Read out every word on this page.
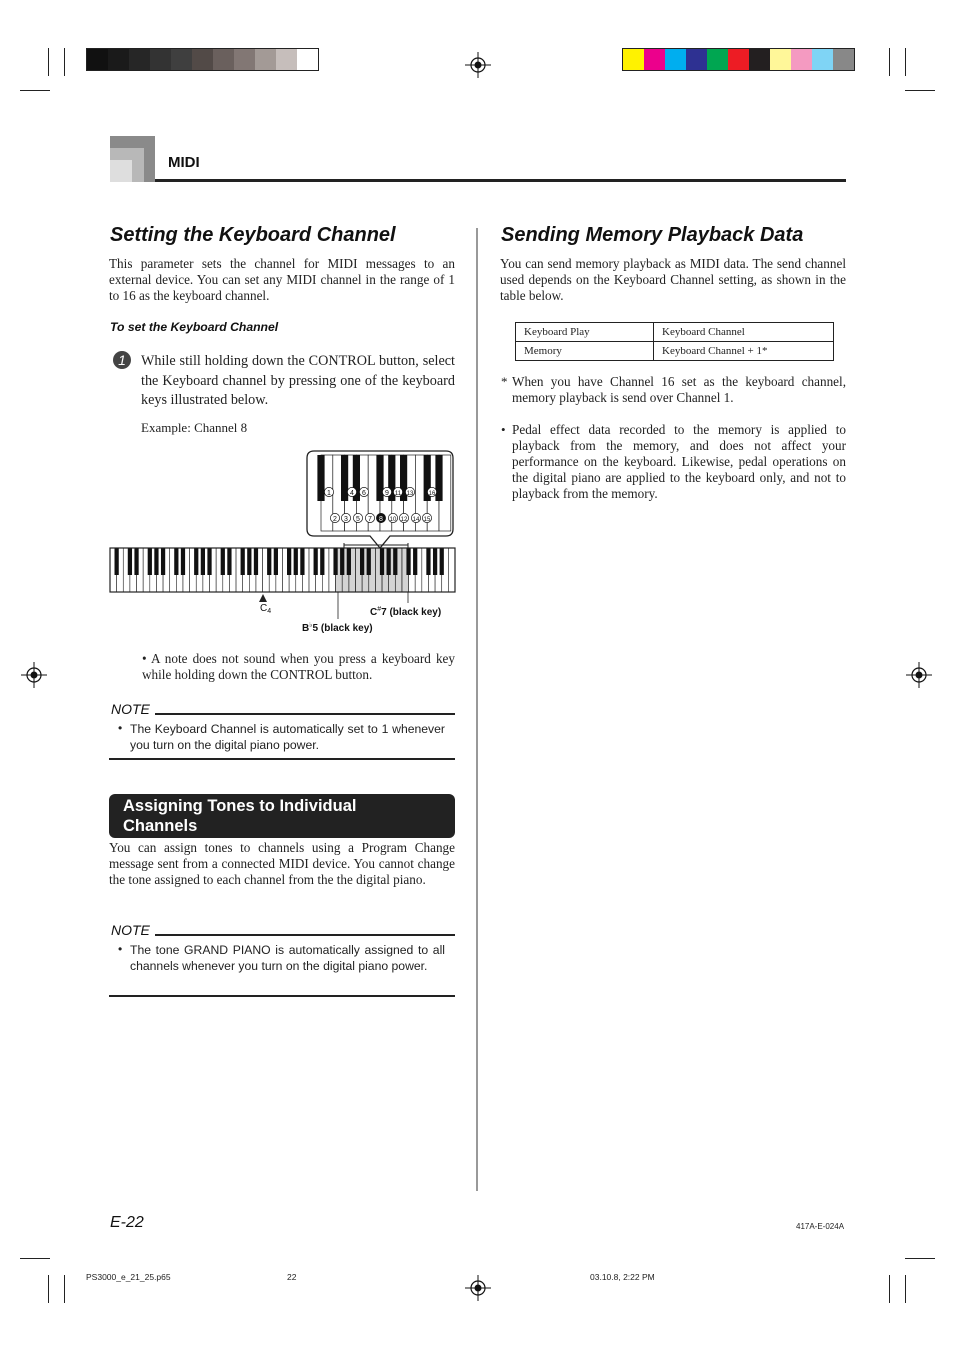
MIDI
Setting the Keyboard Channel
This parameter sets the channel for MIDI messages to an external device. You can set any MIDI channel in the range of 1 to 16 as the keyboard channel.
To set the Keyboard Channel
1	While still holding down the CONTROL button, select the Keyboard channel by pressing one of the keyboard keys illustrated below.
Example: Channel 8
1	4 6	9 11 13	16
2 3 5 7 8 10 12 14 15
$C_4$	C#7 (black key)
B♭5 (black key)
• A note does not sound when you press a keyboard key while holding down the CONTROL button.
NOTE
• The Keyboard Channel is automatically set to 1 whenever you turn on the digital piano power.
Assigning Tones to Individual Channels
You can assign tones to channels using a Program Change message sent from a connected MIDI device. You cannot change the tone assigned to each channel from the the digital piano.
NOTE
• The tone GRAND PIANO is automatically assigned to all channels whenever you turn on the digital piano power.
Sending Memory Playback Data
You can send memory playback as MIDI data. The send channel used depends on the Keyboard Channel setting, as shown in the table below.
Keyboard Play	Keyboard Channel
Memory	Keyboard Channel + 1*
* When you have Channel 16 set as the keyboard channel, memory playback is send over Channel 1.
• Pedal effect data recorded to the memory is applied to playback from the memory, and does not affect your performance on the keyboard. Likewise, pedal operations on the digital piano are applied to the keyboard only, and not to playback from the memory.
E-22	417A-E-024A
PS3000_e_21_25.p65	22	03.10.8, 2:22 PM
